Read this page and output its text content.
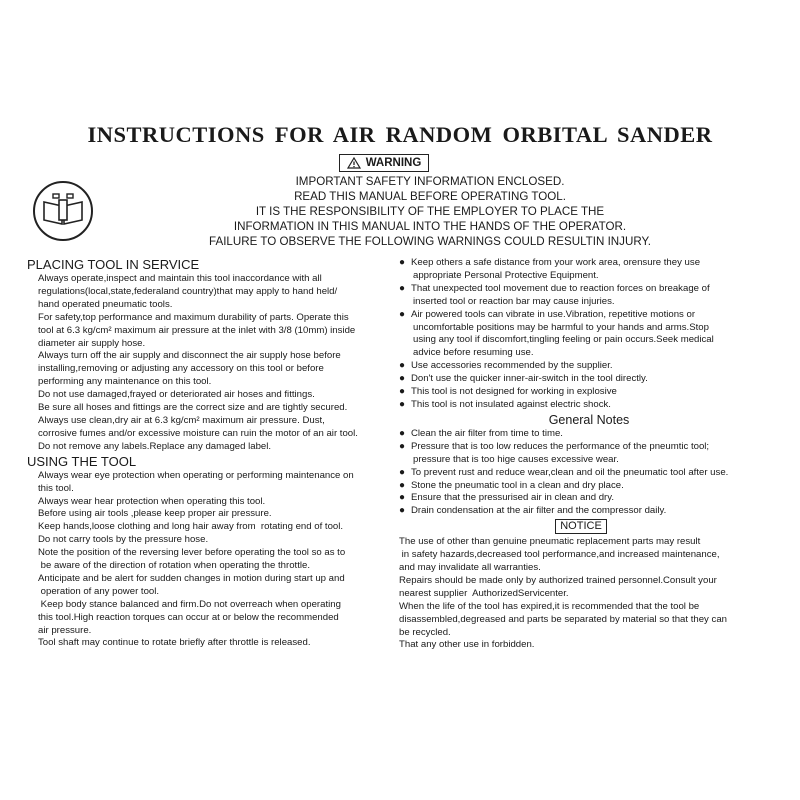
INSTRUCTIONS FOR AIR RANDOM ORBITAL SANDER
WARNING

IMPORTANT SAFETY INFORMATION ENCLOSED.

READ THIS MANUAL BEFORE OPERATING TOOL.

IT IS THE RESPONSIBILITY OF THE EMPLOYER TO PLACE THE

INFORMATION IN THIS MANUAL INTO THE HANDS OF THE OPERATOR.

FAILURE TO OBSERVE THE FOLLOWING WARNINGS COULD RESULTIN INJURY.

PLACING TOOL IN SERVICE

Always operate,inspect and maintain this tool inaccordance with all

regulations(local,state,federaland country)that may apply to hand held/

hand operated pneumatic tools.

For safety,top performance and maximum durability of parts. Operate this

tool at 6.3 kg/cm² maximum air pressure at the inlet with 3/8 (10mm) inside

diameter air supply hose.

Always turn off the air supply and disconnect the air supply hose before

installing,removing or adjusting any accessory on this tool or before

performing any maintenance on this tool.

Do not use damaged,frayed or deteriorated air hoses and fittings.

Be sure all hoses and fittings are the correct size and are tightly secured.

Always use clean,dry air at 6.3 kg/cm² maximum air pressure. Dust,

corrosive fumes and/or excessive moisture can ruin the motor of an air tool.

Do not remove any labels.Replace any damaged label.

USING THE TOOL

Always wear eye protection when operating or performing maintenance on

this tool.

Always wear hear protection when operating this tool.

Before using air tools ,please keep proper air pressure.

Keep hands,loose clothing and long hair away from  rotating end of tool.

Do not carry tools by the pressure hose.

Note the position of the reversing lever before operating the tool so as to

be aware of the direction of rotation when operating the throttle.

Anticipate and be alert for sudden changes in motion during start up and

operation of any power tool.

Keep body stance balanced and firm.Do not overreach when operating

this tool.High reaction torques can occur at or below the recommended

air pressure.

Tool shaft may continue to rotate briefly after throttle is released.

● Keep others a safe distance from your work area, orensure they use

appropriate Personal Protective Equipment.

● That unexpected tool movement due to reaction forces on breakage of

inserted tool or reaction bar may cause injuries.

● Air powered tools can vibrate in use.Vibration, repetitive motions or

uncomfortable positions may be harmful to your hands and arms.Stop

using any tool if discomfort,tingling feeling or pain occurs.Seek medical

advice before resuming use.

● Use accessories recommended by the supplier.

● Don't use the quicker inner-air-switch in the tool directly.

● This tool is not designed for working in explosive

● This tool is not insulated against electric shock.

General Notes
● Clean the air filter from time to time.

● Pressure that is too low reduces the performance of the pneumtic tool;

pressure that is too hige causes excessive wear.

● To prevent rust and reduce wear,clean and oil the pneumatic tool after use.

● Stone the pneumatic tool in a clean and dry place.

● Ensure that the pressurised air in clean and dry.

● Drain condensation at the air filter and the compressor daily.

NOTICE

The use of other than genuine pneumatic replacement parts may result

in safety hazards,decreased tool performance,and increased maintenance,

and may invalidate all warranties.

Repairs should be made only by authorized trained personnel.Consult your

nearest supplier  AuthorizedServicenter.

When the life of the tool has expired,it is recommended that the tool be

disassembled,degreased and parts be separated by material so that they can

be recycled.

That any other use in forbidden.
